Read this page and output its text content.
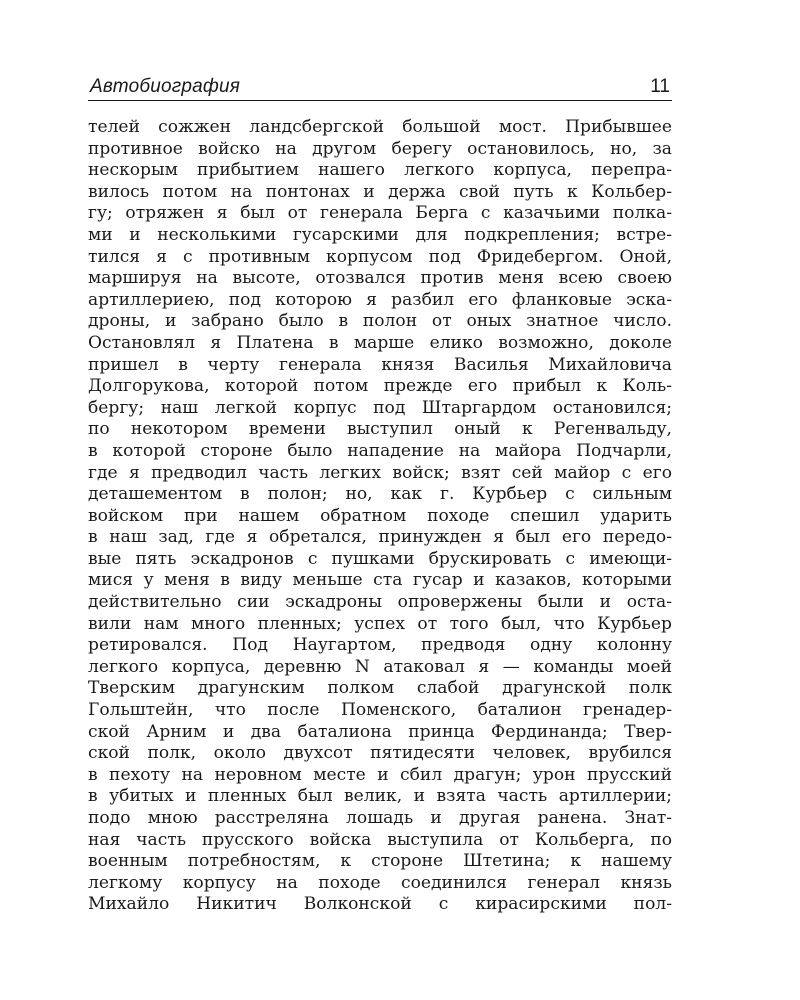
Автобиография	11
телей сожжен ландсбергской большой мост. Прибывшее
противное войско на другом берегу остановилось, но, за
нескорым прибытием нашего легкого корпуса, перепра-
вилось потом на понтонах и держа свой путь к Кольбер-
гу; отряжен я был от генерала Берга с казачьими полка-
ми и несколькими гусарскими для подкрепления; встре-
тился я с противным корпусом под Фридебергом. Оной,
маршируя на высоте, отозвался против меня всею своею
артиллериею, под которою я разбил его фланковые эска-
дроны, и забрано было в полон от оных знатное число.
Остановлял я Платена в марше елико возможно, доколе
пришел в черту генерала князя Василья Михайловича
Долгорукова, которой потом прежде его прибыл к Коль-
бергу; наш легкой корпус под Штаргардом остановился;
по некотором времени выступил оный к Регенвальду,
в которой стороне было нападение на майора Подчарли,
где я предводил часть легких войск; взят сей майор с его
деташементом в полон; но, как г. Курбьер с сильным
войском при нашем обратном походе спешил ударить
в наш зад, где я обретался, принужден я был его передо-
вые пять эскадронов с пушками брускировать с имеющи-
мися у меня в виду меньше ста гусар и казаков, которыми
действительно сии эскадроны опровержены были и оста-
вили нам много пленных; успех от того был, что Курбьер
ретировался. Под Наугартом, предводя одну колонну
легкого корпуса, деревню N атаковал я — команды моей
Тверским драгунским полком слабой драгунской полк
Гольштейн, что после Поменского, баталион гренадер-
ской Арним и два баталиона принца Фердинанда; Твер-
ской полк, около двухсот пятидесяти человек, врубился
в пехоту на неровном месте и сбил драгун; урон прусский
в убитых и пленных был велик, и взята часть артиллерии;
подо мною расстреляна лошадь и другая ранена. Знат-
ная часть прусского войска выступила от Кольберга, по
военным потребностям, к стороне Штетина; к нашему
легкому корпусу на походе соединился генерал князь
Михайло Никитич Волконской с кирасирскими пол-
